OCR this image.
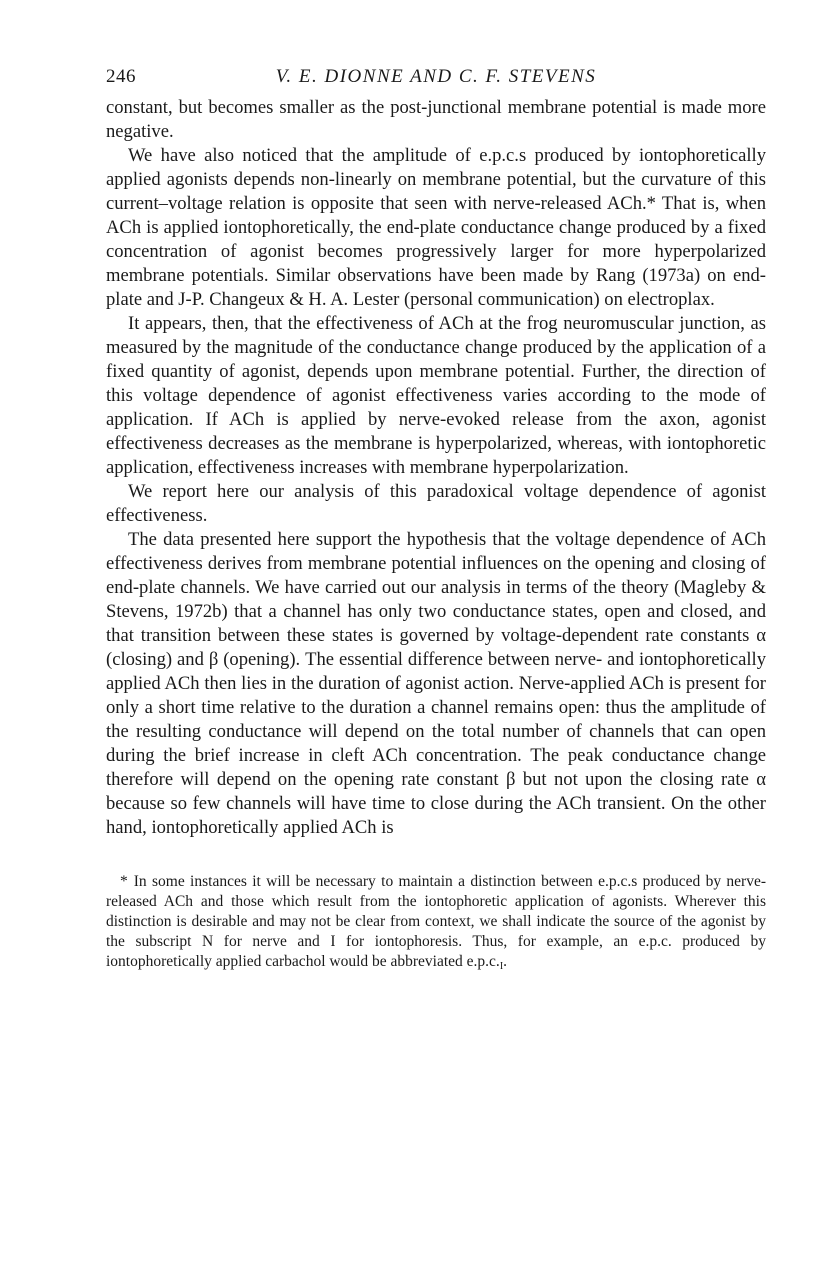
246	V. E. DIONNE AND C. F. STEVENS

constant, but becomes smaller as the post-junctional membrane potential is made more negative.

We have also noticed that the amplitude of e.p.c.s produced by iontophoretically applied agonists depends non-linearly on membrane potential, but the curvature of this current–voltage relation is opposite that seen with nerve-released ACh.* That is, when ACh is applied iontophoretically, the end-plate conductance change produced by a fixed concentration of agonist becomes progressively larger for more hyperpolarized membrane potentials. Similar observations have been made by Rang (1973a) on end-plate and J-P. Changeux & H. A. Lester (personal communication) on electroplax.

It appears, then, that the effectiveness of ACh at the frog neuromuscular junction, as measured by the magnitude of the conductance change produced by the application of a fixed quantity of agonist, depends upon membrane potential. Further, the direction of this voltage dependence of agonist effectiveness varies according to the mode of application. If ACh is applied by nerve-evoked release from the axon, agonist effectiveness decreases as the membrane is hyperpolarized, whereas, with iontophoretic application, effectiveness increases with membrane hyperpolarization.

We report here our analysis of this paradoxical voltage dependence of agonist effectiveness.

The data presented here support the hypothesis that the voltage dependence of ACh effectiveness derives from membrane potential influences on the opening and closing of end-plate channels. We have carried out our analysis in terms of the theory (Magleby & Stevens, 1972b) that a channel has only two conductance states, open and closed, and that transition between these states is governed by voltage-dependent rate constants α (closing) and β (opening). The essential difference between nerve- and iontophoretically applied ACh then lies in the duration of agonist action. Nerve-applied ACh is present for only a short time relative to the duration a channel remains open: thus the amplitude of the resulting conductance will depend on the total number of channels that can open during the brief increase in cleft ACh concentration. The peak conductance change therefore will depend on the opening rate constant β but not upon the closing rate α because so few channels will have time to close during the ACh transient. On the other hand, iontophoretically applied ACh is

* In some instances it will be necessary to maintain a distinction between e.p.c.s produced by nerve-released ACh and those which result from the iontophoretic application of agonists. Wherever this distinction is desirable and may not be clear from context, we shall indicate the source of the agonist by the subscript N for nerve and I for iontophoresis. Thus, for example, an e.p.c. produced by iontophoretically applied carbachol would be abbreviated $e.p.c._I$.
